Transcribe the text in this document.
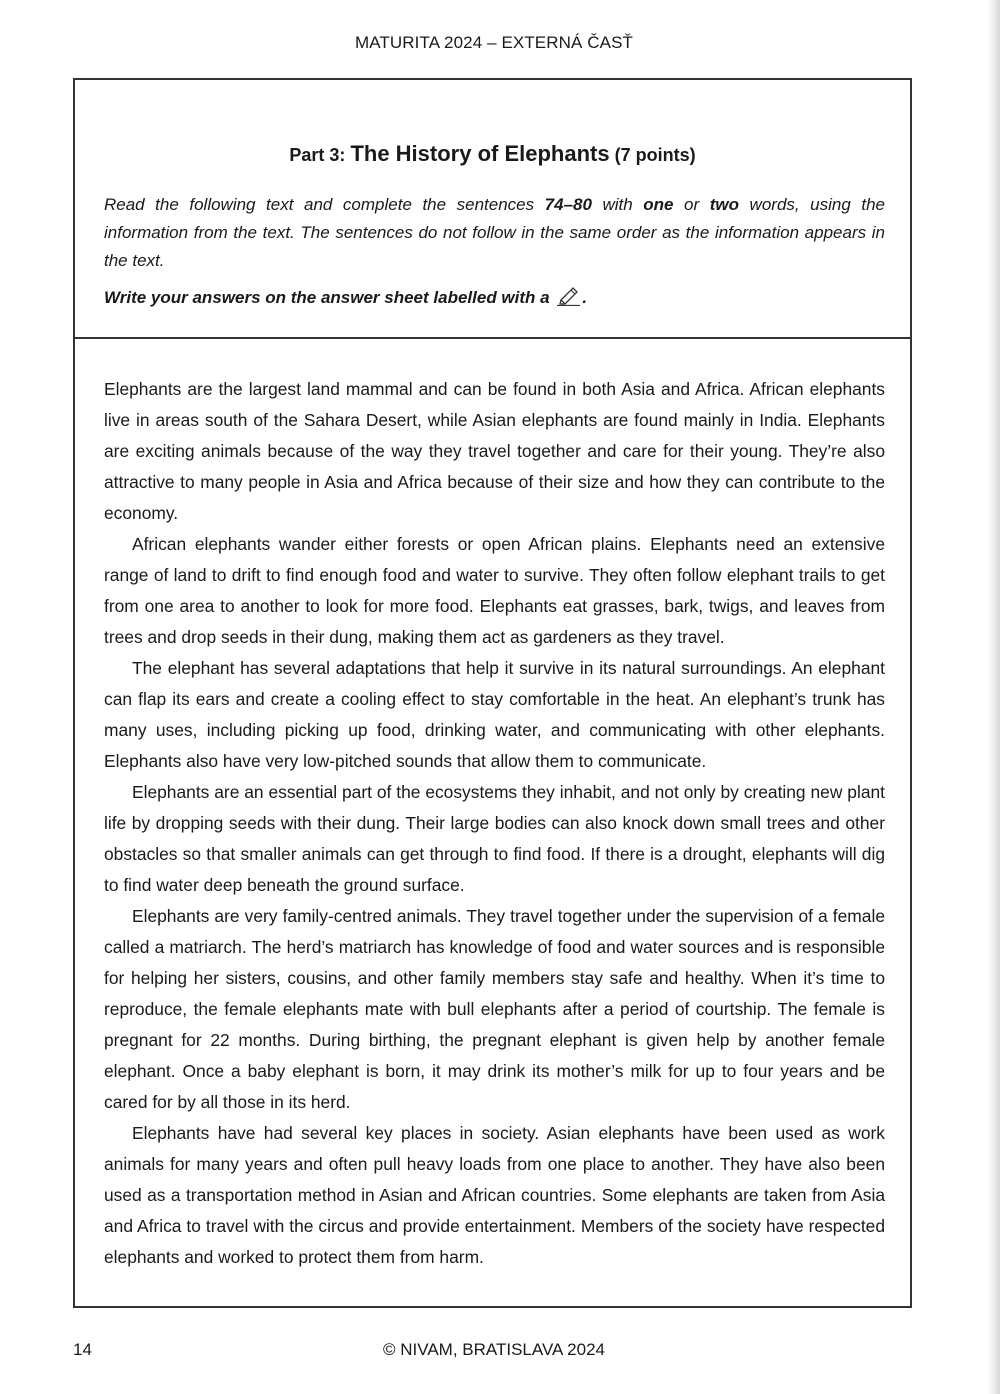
MATURITA 2024 – EXTERNÁ ČASŤ
Part 3: The History of Elephants (7 points)

Read the following text and complete the sentences 74–80 with one or two words, using the information from the text. The sentences do not follow in the same order as the information appears in the text.

Write your answers on the answer sheet labelled with a .

Elephants are the largest land mammal and can be found in both Asia and Africa. African elephants live in areas south of the Sahara Desert, while Asian elephants are found mainly in India. Elephants are exciting animals because of the way they travel together and care for their young. They’re also attractive to many people in Asia and Africa because of their size and how they can contribute to the economy.

African elephants wander either forests or open African plains. Elephants need an extensive range of land to drift to find enough food and water to survive. They often follow elephant trails to get from one area to another to look for more food. Elephants eat grasses, bark, twigs, and leaves from trees and drop seeds in their dung, making them act as gardeners as they travel.

The elephant has several adaptations that help it survive in its natural surroundings. An elephant can flap its ears and create a cooling effect to stay comfortable in the heat. An elephant’s trunk has many uses, including picking up food, drinking water, and communicating with other elephants. Elephants also have very low-pitched sounds that allow them to communicate.

Elephants are an essential part of the ecosystems they inhabit, and not only by creating new plant life by dropping seeds with their dung. Their large bodies can also knock down small trees and other obstacles so that smaller animals can get through to find food. If there is a drought, elephants will dig to find water deep beneath the ground surface.

Elephants are very family-centred animals. They travel together under the supervision of a female called a matriarch. The herd’s matriarch has knowledge of food and water sources and is responsible for helping her sisters, cousins, and other family members stay safe and healthy. When it’s time to reproduce, the female elephants mate with bull elephants after a period of courtship. The female is pregnant for 22 months. During birthing, the pregnant elephant is given help by another female elephant. Once a baby elephant is born, it may drink its mother’s milk for up to four years and be cared for by all those in its herd.

Elephants have had several key places in society. Asian elephants have been used as work animals for many years and often pull heavy loads from one place to another. They have also been used as a transportation method in Asian and African countries. Some elephants are taken from Asia and Africa to travel with the circus and provide entertainment. Members of the society have respected elephants and worked to protect them from harm.

14	© NIVAM, BRATISLAVA 2024
